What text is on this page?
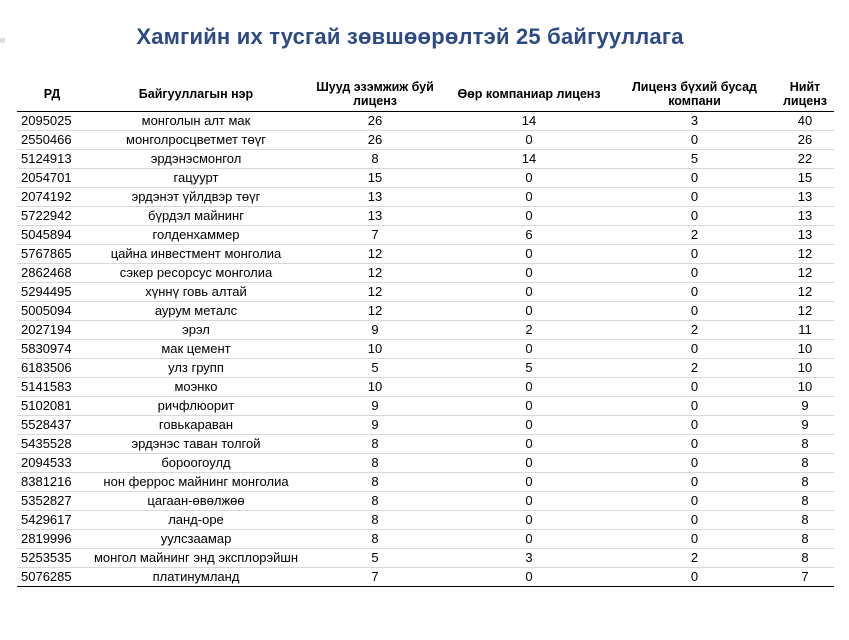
®	Хамгийн их тусгай зөвшөөрөлтэй 25 байгууллага
РД	Байгууллагын нэр	Шууд эзэмжиж буй лиценз	Өөр компаниар лиценз	Лиценз бүхий бусад компани	Нийт лиценз
2095025	монголын алт мак	26	14	3	40
2550466	монголросцветмет төүг	26	0	0	26
5124913	эрдэнэсмонгол	8	14	5	22
2054701	гацуурт	15	0	0	15
2074192	эрдэнэт үйлдвэр төүг	13	0	0	13
5722942	бүрдэл майнинг	13	0	0	13
5045894	голденхаммер	7	6	2	13
5767865	цайна инвестмент монголиа	12	0	0	12
2862468	сэкер ресорсус монголиа	12	0	0	12
5294495	хүннү говь алтай	12	0	0	12
5005094	аурум металс	12	0	0	12
2027194	эрэл	9	2	2	11
5830974	мак цемент	10	0	0	10
6183506	улз групп	5	5	2	10
5141583	моэнко	10	0	0	10
5102081	ричфлюорит	9	0	0	9
5528437	говькараван	9	0	0	9
5435528	эрдэнэс таван толгой	8	0	0	8
2094533	бороогоулд	8	0	0	8
8381216	нон феррос майнинг монголиа	8	0	0	8
5352827	цагаан-өвөлжөө	8	0	0	8
5429617	ланд-оре	8	0	0	8
2819996	уулсзаамар	8	0	0	8
5253535	монгол майнинг энд эксплорэйшн	5	3	2	8
5076285	платинумланд	7	0	0	7
